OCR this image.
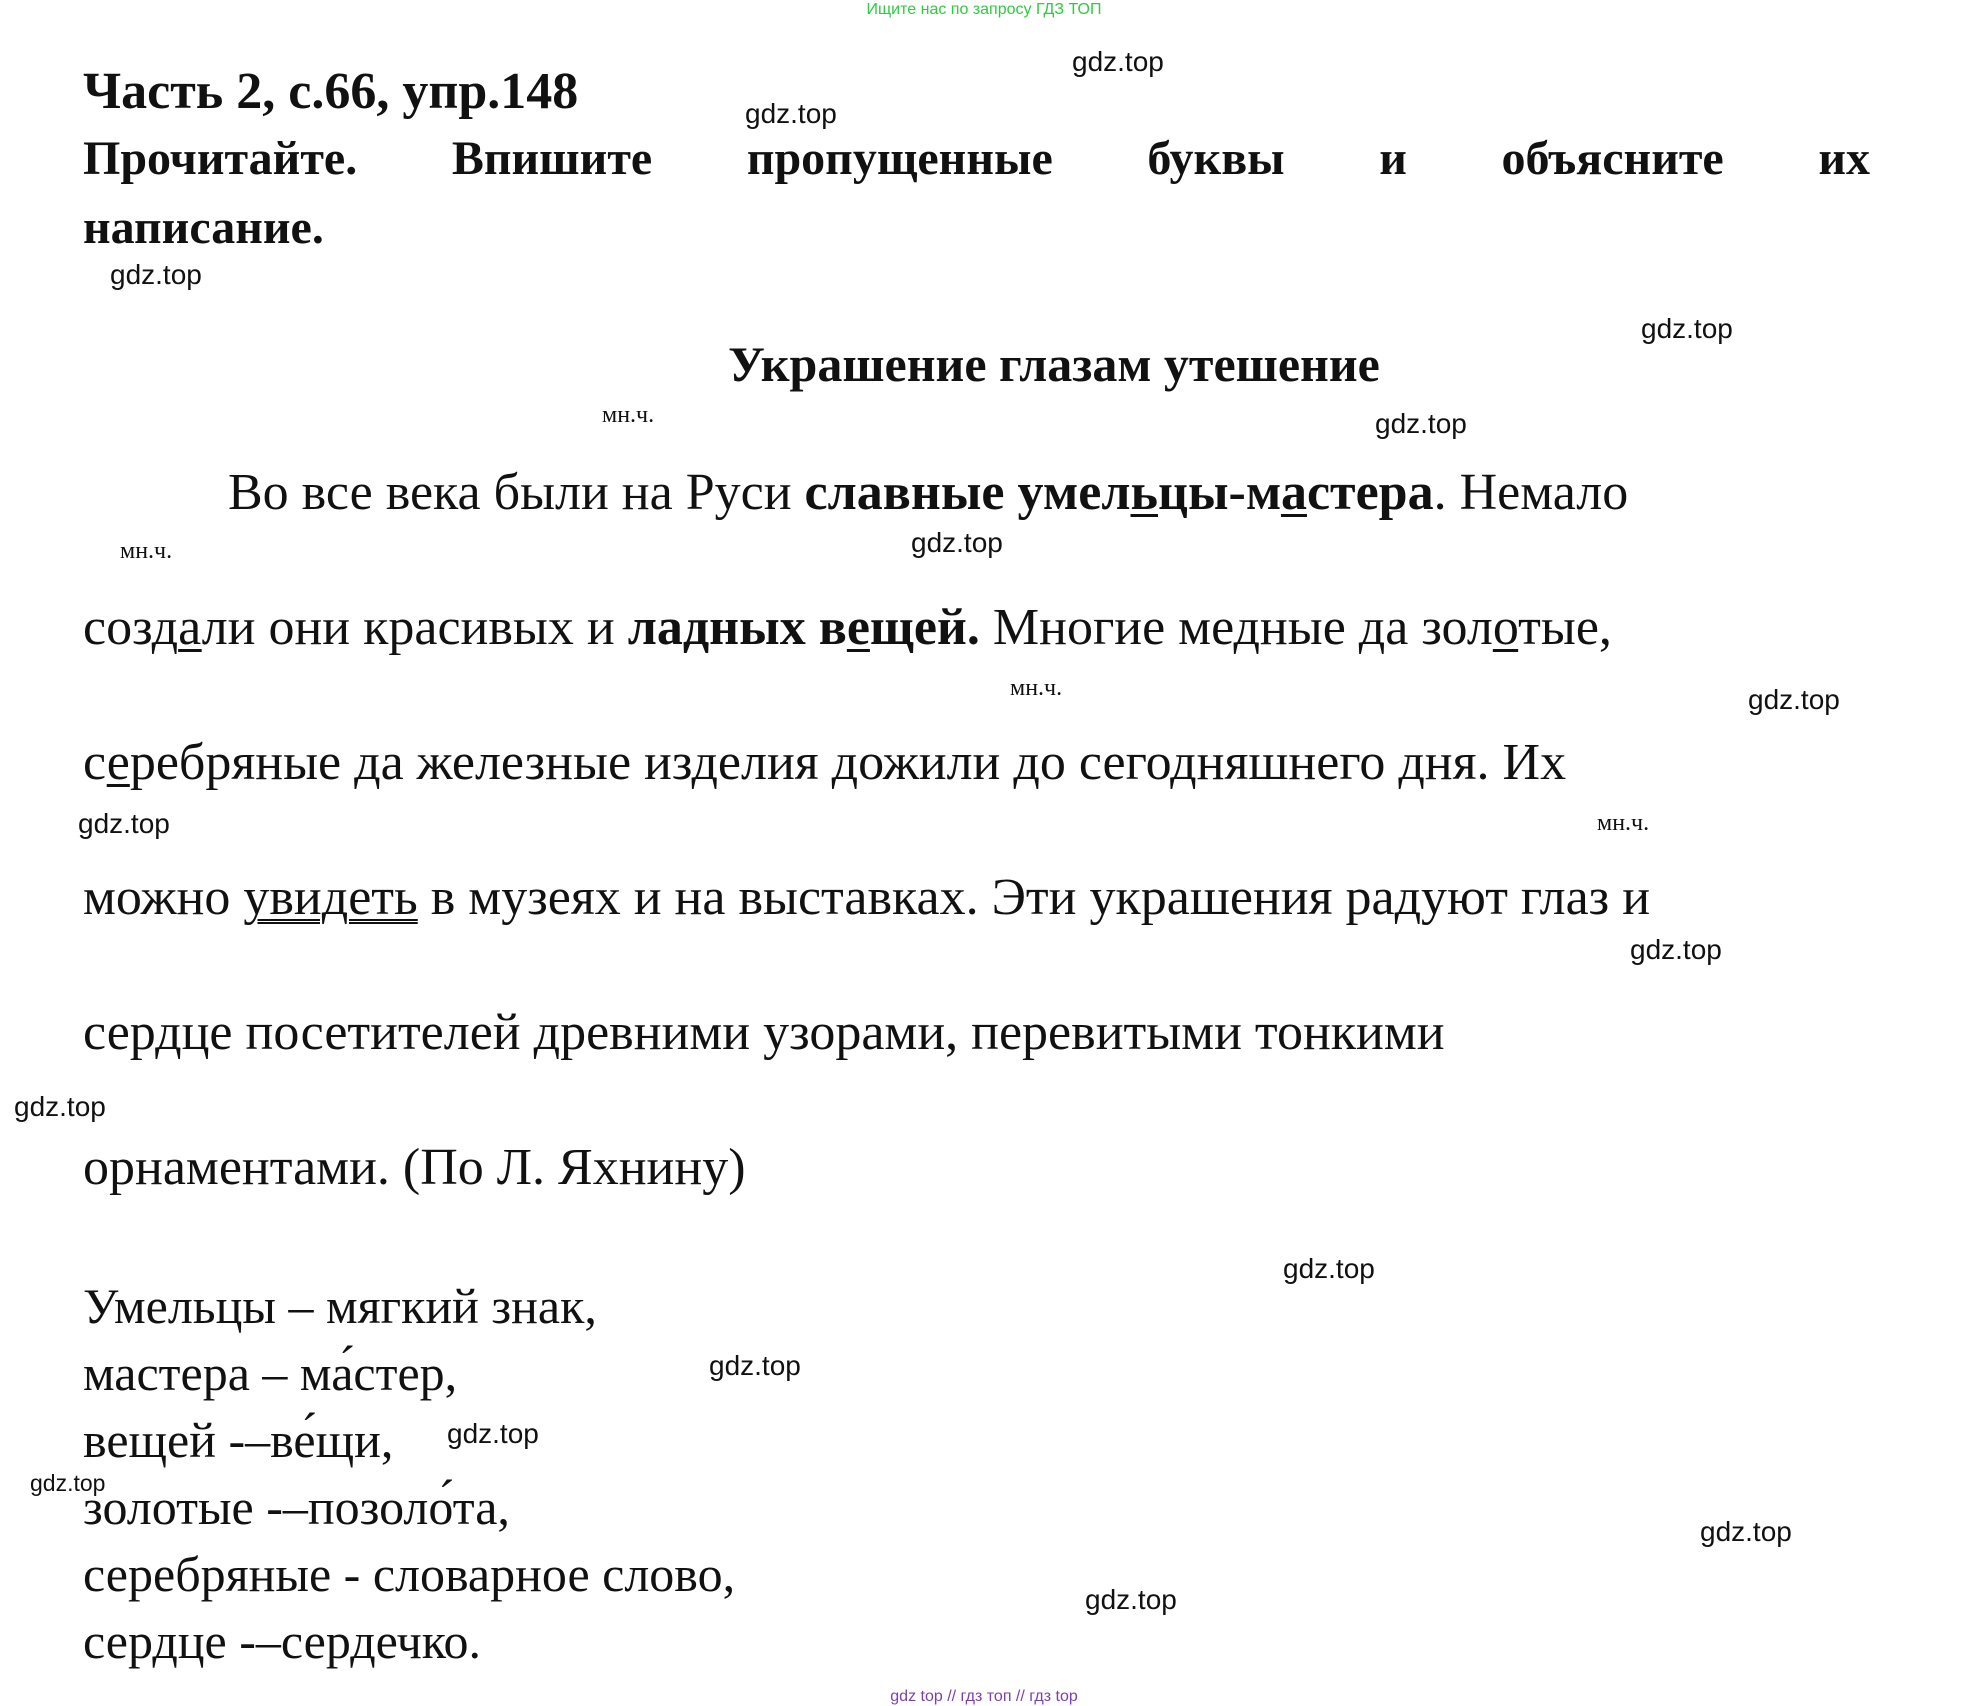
Ищите нас по запросу ГДЗ ТОП
Часть 2, с.66, упр.148
Прочитайте. Впишите пропущенные буквы и объясните их
написание.
Украшение глазам утешение
мн.ч.
мн.ч.
мн.ч.
мн.ч.
Во все века были на Руси славные умельцы-мастера. Немало
создали они красивых и ладных вещей. Многие медные да золотые,
серебряные да железные изделия дожили до сегодняшнего дня. Их
можно увидеть в музеях и на выставках. Эти украшения радуют глаз и
сердце посетителей древними узорами, перевитыми тонкими
орнаментами. (По Л. Яхнину)
Умельцы – мягкий знак,
мастера – ма́стер,
вещей -–ве́щи,
золотые -–позоло́та,
серебряные - словарное слово,
сердце -–сердечко.
gdz.top
gdz.top
gdz.top
gdz.top
gdz.top
gdz.top
gdz.top
gdz.top
gdz.top
gdz.top
gdz.top
gdz.top
gdz.top
gdz.top
gdz.top
gdz.top
gdz top // гдз топ // гдз top
